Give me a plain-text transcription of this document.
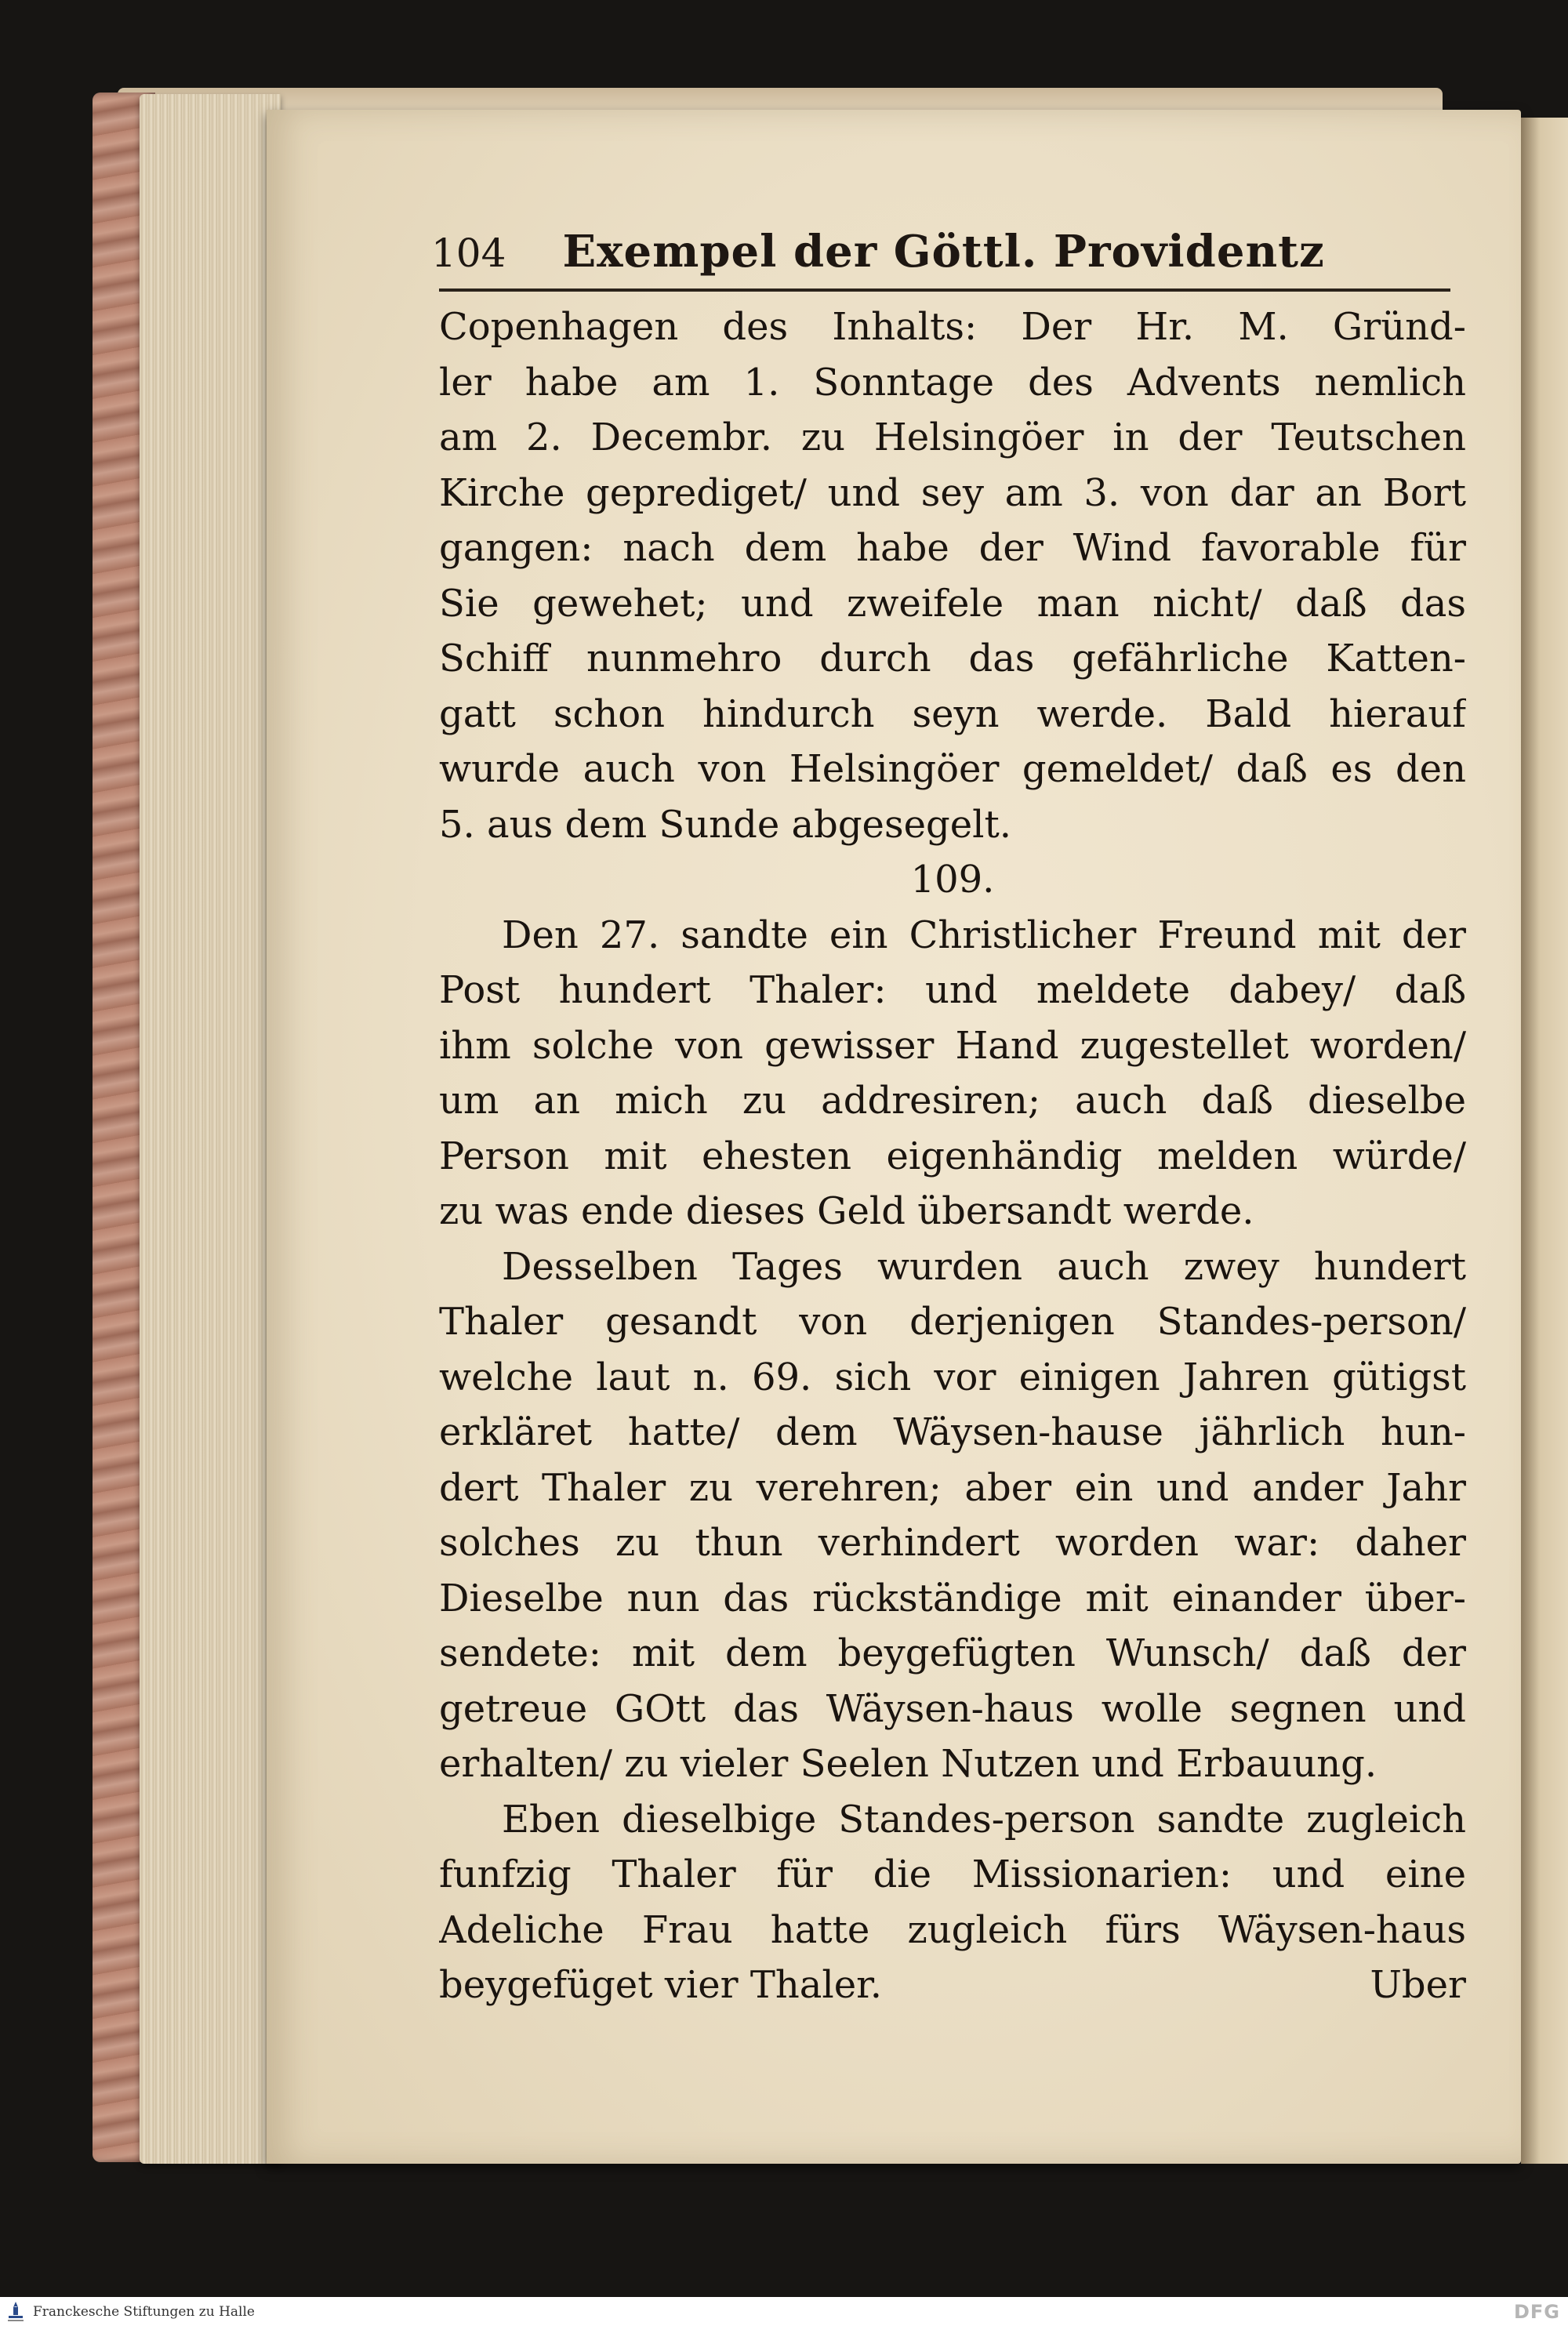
104 Exempel der Göttl. Providentz
Copenhagen des Inhalts: Der Hr. M. Gründ-
ler habe am 1. Sonntage des Advents nemlich
am 2. Decembr. zu Helsingöer in der Teutschen
Kirche geprediget/ und sey am 3. von dar an Bort
gangen: nach dem habe der Wind favorable für
Sie gewehet; und zweifele man nicht/ daß das
Schiff nunmehro durch das gefährliche Katten-
gatt schon hindurch seyn werde. Bald hierauf
wurde auch von Helsingöer gemeldet/ daß es den
5. aus dem Sunde abgesegelt.
109.
Den 27. sandte ein Christlicher Freund mit der
Post hundert Thaler: und meldete dabey/ daß
ihm solche von gewisser Hand zugestellet worden/
um an mich zu addresiren; auch daß dieselbe
Person mit ehesten eigenhändig melden würde/
zu was ende dieses Geld übersandt werde.
Desselben Tages wurden auch zwey hundert
Thaler gesandt von derjenigen Standes-person/
welche laut n. 69. sich vor einigen Jahren gütigst
erkläret hatte/ dem Wäysen-hause jährlich hun-
dert Thaler zu verehren; aber ein und ander Jahr
solches zu thun verhindert worden war: daher
Dieselbe nun das rückständige mit einander über-
sendete: mit dem beygefügten Wunsch/ daß der
getreue GOtt das Wäysen-haus wolle segnen und
erhalten/ zu vieler Seelen Nutzen und Erbauung.
Eben dieselbige Standes-person sandte zugleich
funfzig Thaler für die Missionarien: und eine
Adeliche Frau hatte zugleich fürs Wäysen-haus
beygefüget vier Thaler.	Uber
Franckesche Stiftungen zu Halle	DFG
